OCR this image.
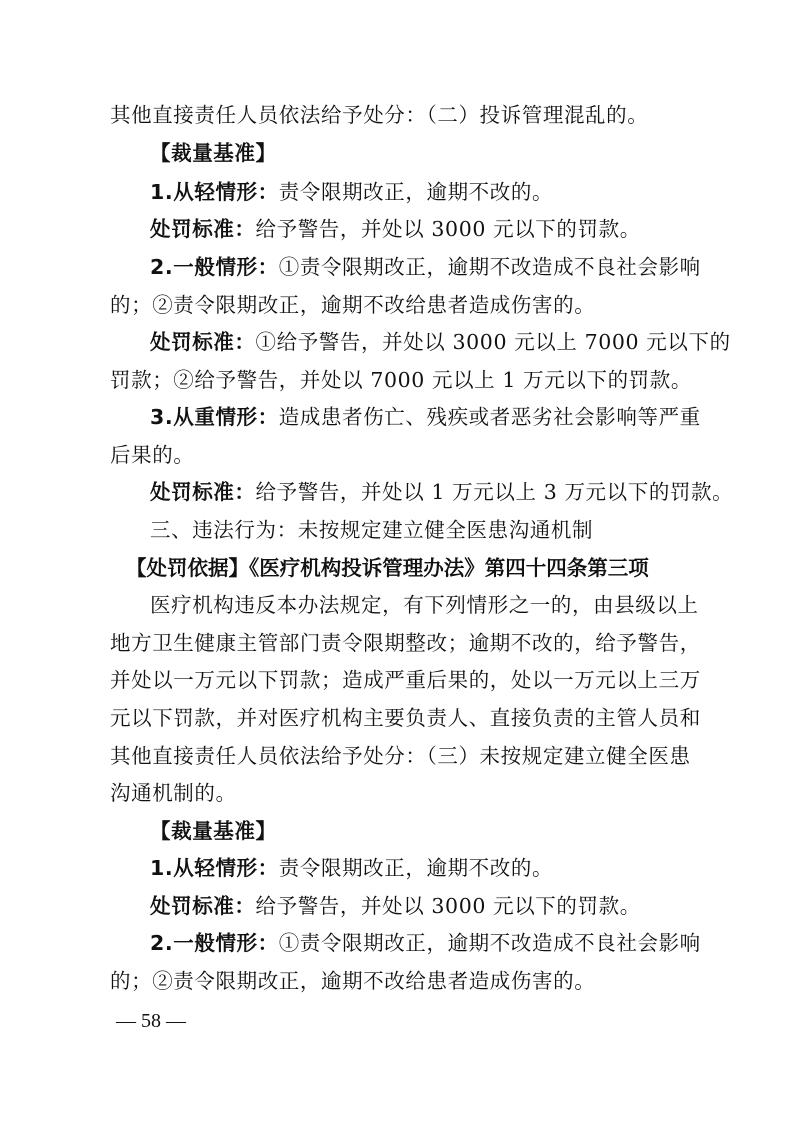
其他直接责任人员依法给予处分：（二）投诉管理混乱的。
【裁量基准】
1.从轻情形：责令限期改正，逾期不改的。
处罚标准：给予警告，并处以 3000 元以下的罚款。
2.一般情形：①责令限期改正，逾期不改造成不良社会影响
的；②责令限期改正，逾期不改给患者造成伤害的。
处罚标准：①给予警告，并处以 3000 元以上 7000 元以下的
罚款；②给予警告，并处以 7000 元以上 1 万元以下的罚款。
3.从重情形：造成患者伤亡、残疾或者恶劣社会影响等严重
后果的。
处罚标准：给予警告，并处以 1 万元以上 3 万元以下的罚款。
三、违法行为：未按规定建立健全医患沟通机制
【处罚依据】《医疗机构投诉管理办法》第四十四条第三项
医疗机构违反本办法规定，有下列情形之一的，由县级以上
地方卫生健康主管部门责令限期整改；逾期不改的，给予警告，
并处以一万元以下罚款；造成严重后果的，处以一万元以上三万
元以下罚款，并对医疗机构主要负责人、直接负责的主管人员和
其他直接责任人员依法给予处分：（三）未按规定建立健全医患
沟通机制的。
【裁量基准】
1.从轻情形：责令限期改正，逾期不改的。
处罚标准：给予警告，并处以 3000 元以下的罚款。
2.一般情形：①责令限期改正，逾期不改造成不良社会影响
的；②责令限期改正，逾期不改给患者造成伤害的。
— 58 —
